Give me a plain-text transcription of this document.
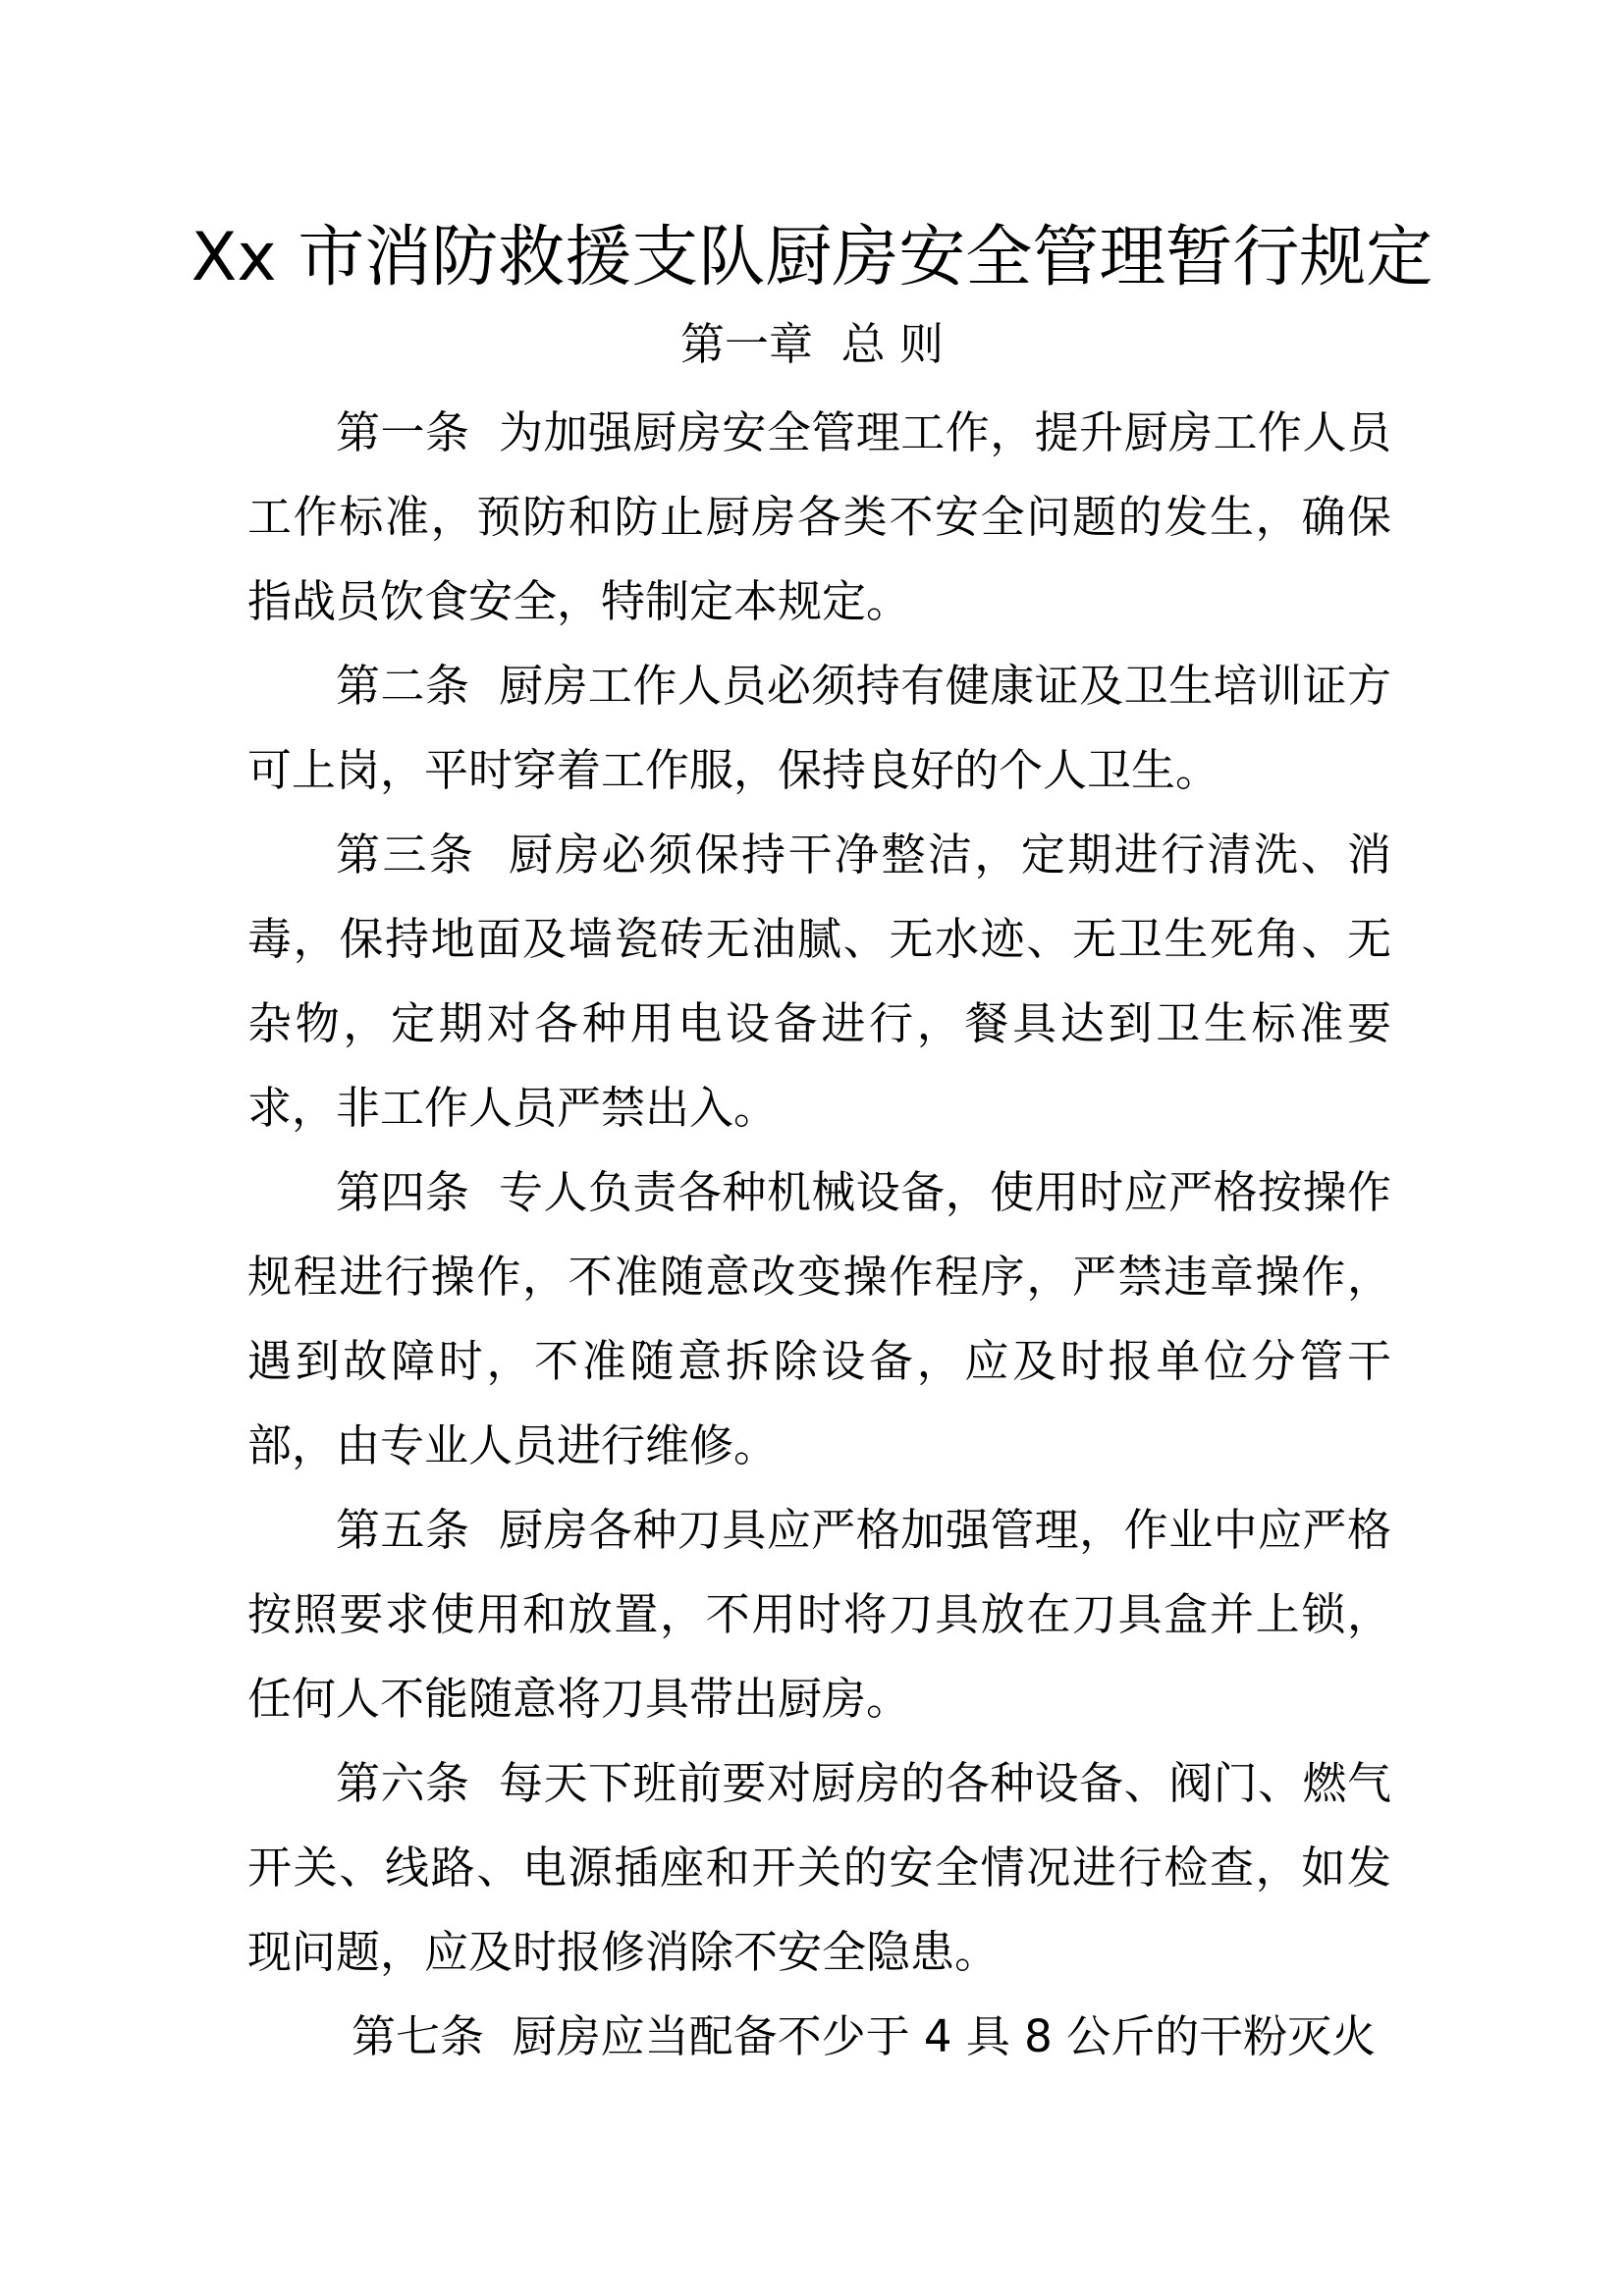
Xx 市消防救援支队厨房安全管理暂行规定
第一章  总 则

第一条  为加强厨房安全管理工作，提升厨房工作人员工作标准，预防和防止厨房各类不安全问题的发生，确保指战员饮食安全，特制定本规定。

第二条  厨房工作人员必须持有健康证及卫生培训证方可上岗，平时穿着工作服，保持良好的个人卫生。

第三条  厨房必须保持干净整洁，定期进行清洗、消毒，保持地面及墙瓷砖无油腻、无水迹、无卫生死角、无杂物，定期对各种用电设备进行，餐具达到卫生标准要求，非工作人员严禁出入。

第四条  专人负责各种机械设备，使用时应严格按操作规程进行操作，不准随意改变操作程序，严禁违章操作，遇到故障时，不准随意拆除设备，应及时报单位分管干部，由专业人员进行维修。

第五条  厨房各种刀具应严格加强管理，作业中应严格按照要求使用和放置，不用时将刀具放在刀具盒并上锁，任何人不能随意将刀具带出厨房。

第六条  每天下班前要对厨房的各种设备、阀门、燃气开关、线路、电源插座和开关的安全情况进行检查，如发现问题，应及时报修消除不安全隐患。

第七条  厨房应当配备不少于 4 具 8 公斤的干粉灭火
